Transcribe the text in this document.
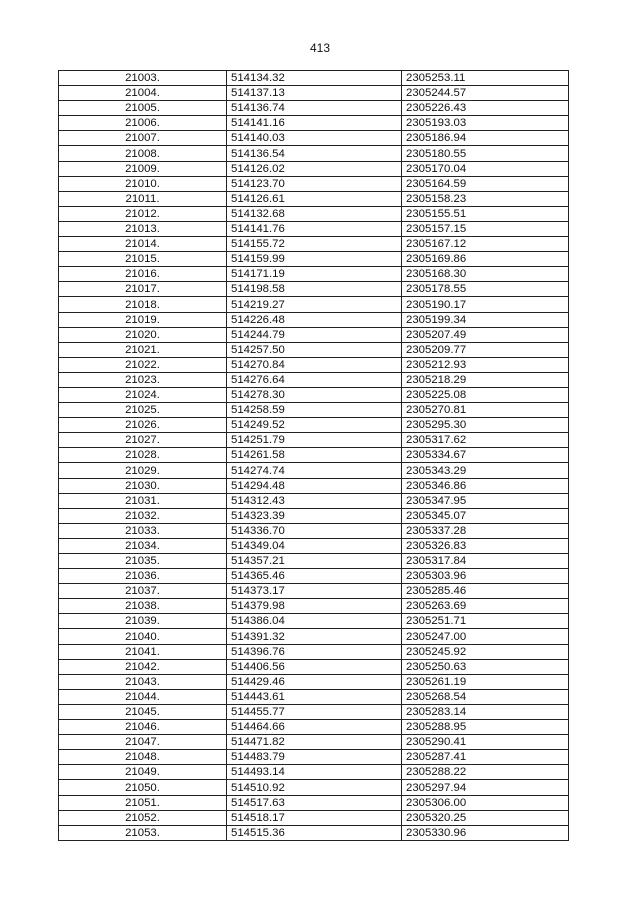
413
21003.	514134.32	2305253.11
21004.	514137.13	2305244.57
21005.	514136.74	2305226.43
21006.	514141.16	2305193.03
21007.	514140.03	2305186.94
21008.	514136.54	2305180.55
21009.	514126.02	2305170.04
21010.	514123.70	2305164.59
21011.	514126.61	2305158.23
21012.	514132.68	2305155.51
21013.	514141.76	2305157.15
21014.	514155.72	2305167.12
21015.	514159.99	2305169.86
21016.	514171.19	2305168.30
21017.	514198.58	2305178.55
21018.	514219.27	2305190.17
21019.	514226.48	2305199.34
21020.	514244.79	2305207.49
21021.	514257.50	2305209.77
21022.	514270.84	2305212.93
21023.	514276.64	2305218.29
21024.	514278.30	2305225.08
21025.	514258.59	2305270.81
21026.	514249.52	2305295.30
21027.	514251.79	2305317.62
21028.	514261.58	2305334.67
21029.	514274.74	2305343.29
21030.	514294.48	2305346.86
21031.	514312.43	2305347.95
21032.	514323.39	2305345.07
21033.	514336.70	2305337.28
21034.	514349.04	2305326.83
21035.	514357.21	2305317.84
21036.	514365.46	2305303.96
21037.	514373.17	2305285.46
21038.	514379.98	2305263.69
21039.	514386.04	2305251.71
21040.	514391.32	2305247.00
21041.	514396.76	2305245.92
21042.	514406.56	2305250.63
21043.	514429.46	2305261.19
21044.	514443.61	2305268.54
21045.	514455.77	2305283.14
21046.	514464.66	2305288.95
21047.	514471.82	2305290.41
21048.	514483.79	2305287.41
21049.	514493.14	2305288.22
21050.	514510.92	2305297.94
21051.	514517.63	2305306.00
21052.	514518.17	2305320.25
21053.	514515.36	2305330.96
